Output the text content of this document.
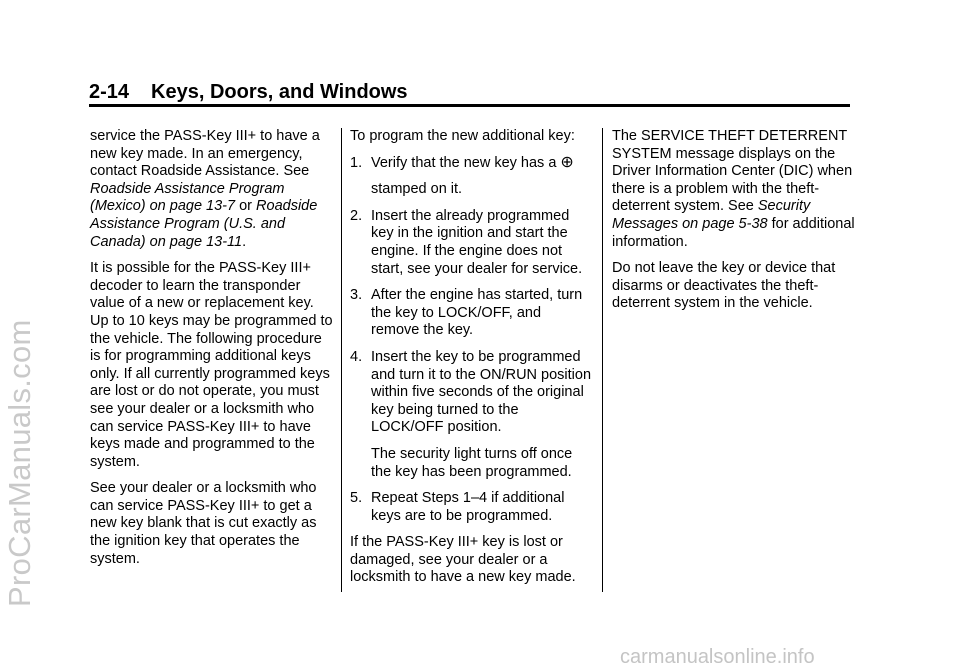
2-14 Keys, Doors, and Windows

service the PASS-Key III+ to have a new key made. In an emergency, contact Roadside Assistance. See Roadside Assistance Program (Mexico) on page 13-7 or Roadside Assistance Program (U.S. and Canada) on page 13-11.

It is possible for the PASS-Key III+ decoder to learn the transponder value of a new or replacement key. Up to 10 keys may be programmed to the vehicle. The following procedure is for programming additional keys only. If all currently programmed keys are lost or do not operate, you must see your dealer or a locksmith who can service PASS-Key III+ to have keys made and programmed to the system.

See your dealer or a locksmith who can service PASS-Key III+ to get a new key blank that is cut exactly as the ignition key that operates the system.

To program the new additional key:

1. Verify that the new key has a ⊕

stamped on it.

2. Insert the already programmed key in the ignition and start the engine. If the engine does not start, see your dealer for service.

3. After the engine has started, turn the key to LOCK/OFF, and remove the key.

4. Insert the key to be programmed and turn it to the ON/RUN position within five seconds of the original key being turned to the LOCK/OFF position.

The security light turns off once the key has been programmed.

5. Repeat Steps 1–4 if additional keys are to be programmed.

If the PASS-Key III+ key is lost or damaged, see your dealer or a locksmith to have a new key made.

The SERVICE THEFT DETERRENT SYSTEM message displays on the Driver Information Center (DIC) when there is a problem with the theft-deterrent system. See Security Messages on page 5-38 for additional information.

Do not leave the key or device that disarms or deactivates the theft-deterrent system in the vehicle.

ProCarManuals.com
carmanualsonline.info
